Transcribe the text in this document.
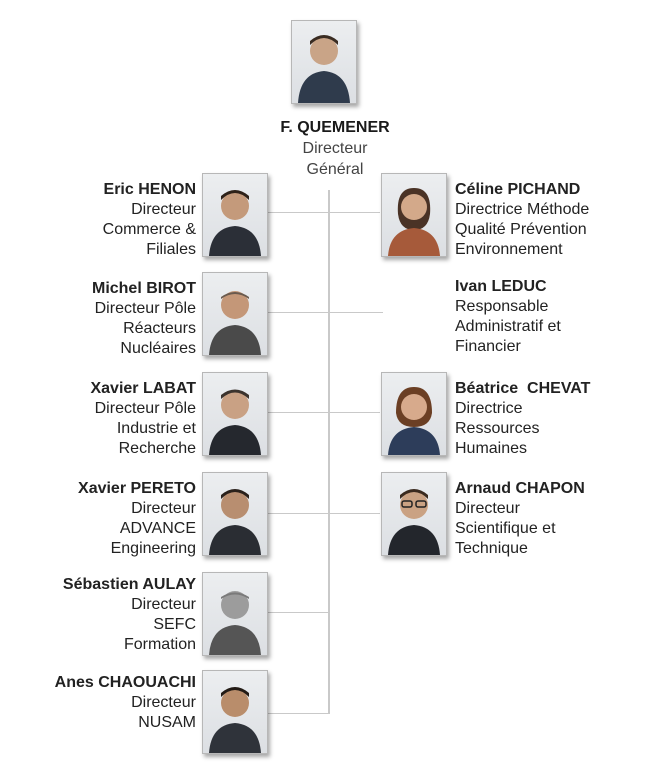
F. QUEMENER
Directeur
Général
Eric HENON
Directeur
Commerce &
Filiales
Michel BIROT
Directeur Pôle
Réacteurs
Nucléaires
Xavier LABAT
Directeur Pôle
Industrie et
Recherche
Xavier PERETO
Directeur
ADVANCE
Engineering
Sébastien AULAY
Directeur
SEFC
Formation
Anes CHAOUACHI
Directeur
NUSAM
Céline PICHAND
Directrice Méthode
Qualité Prévention
Environnement
Ivan LEDUC
Responsable
Administratif et
Financier
Béatrice  CHEVAT
Directrice
Ressources
Humaines
Arnaud CHAPON
Directeur
Scientifique et
Technique
